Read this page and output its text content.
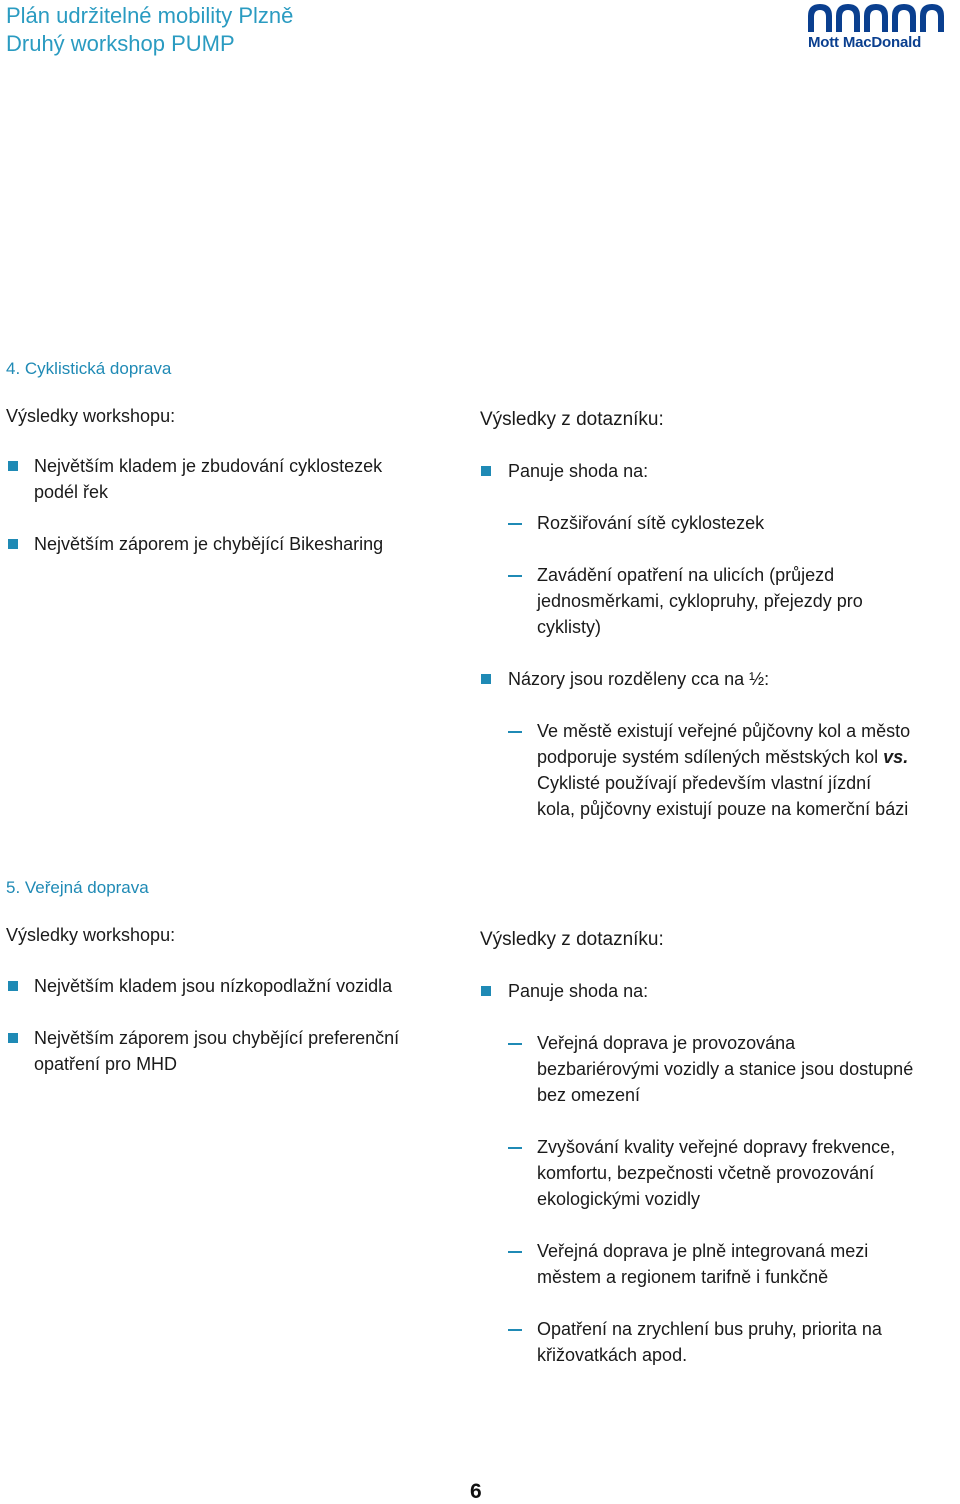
Plán udržitelné mobility Plzně
Druhý workshop PUMP	Mott MacDonald
4. Cyklistická doprava
Výsledky workshopu:
Největším kladem je zbudování cyklostezek
podél řek
Největším záporem je chybějící Bikesharing
Výsledky z dotazníku:
Panuje shoda na:
Rozšiřování sítě cyklostezek
Zavádění opatření na ulicích (průjezd
jednosměrkami, cyklopruhy, přejezdy pro
cyklisty)
Názory jsou rozděleny cca na ½:
Ve městě existují veřejné půjčovny kol a město
podporuje systém sdílených městských kol vs.
Cyklisté používají především vlastní jízdní
kola, půjčovny existují pouze na komerční bázi
5. Veřejná doprava
Výsledky workshopu:
Největším kladem jsou nízkopodlažní vozidla
Největším záporem jsou chybějící preferenční
opatření pro MHD
Výsledky z dotazníku:
Panuje shoda na:
Veřejná doprava je provozována
bezbariérovými vozidly a stanice jsou dostupné
bez omezení
Zvyšování kvality veřejné dopravy frekvence,
komfortu, bezpečnosti včetně provozování
ekologickými vozidly
Veřejná doprava je plně integrovaná mezi
městem a regionem tarifně i funkčně
Opatření na zrychlení bus pruhy, priorita na
křižovatkách apod.
6
